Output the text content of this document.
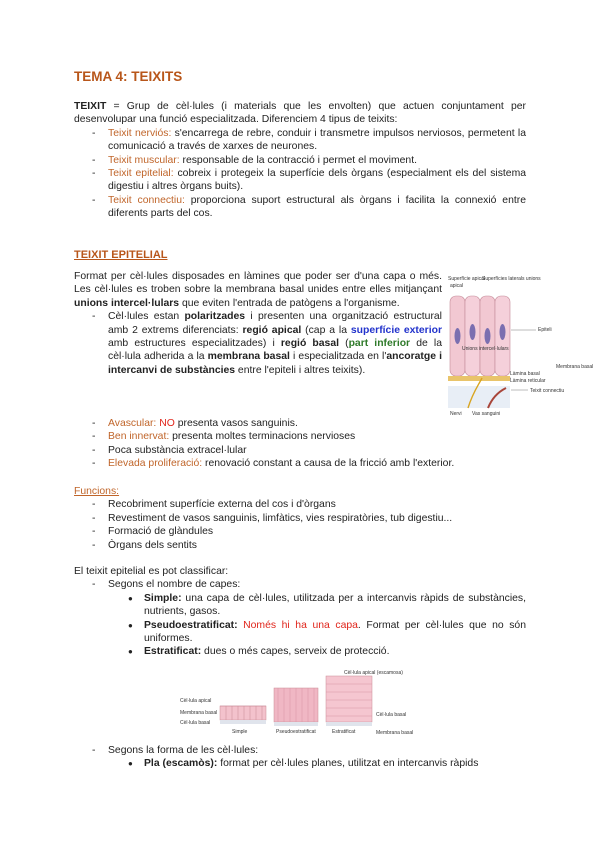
TEMA 4: TEIXITS

TEIXIT = Grup de cèl·lules (i materials que les envolten) que actuen conjuntament per desenvolupar una funció especialitzada. Diferenciem 4 tipus de teixits:

- Teixit nerviós: s'encarrega de rebre, conduir i transmetre impulsos nerviosos, permetent la comunicació a través de xarxes de neurones.
- Teixit muscular: responsable de la contracció i permet el moviment.
- Teixit epitelial: cobreix i protegeix la superfície dels òrgans (especialment els del sistema digestiu i altres òrgans buits).
- Teixit connectiu: proporciona suport estructural als òrgans i facilita la connexió entre diferents parts del cos.
TEIXIT EPITELIAL

Format per cèl·lules disposades en làmines que poder ser d'una capa o més. Les cèl·lules es troben sobre la membrana basal unides entre elles mitjançant unions intercel·lulars que eviten l'entrada de patògens a l'organisme.

- Cèl·lules estan polaritzades i presenten una organització estructural amb 2 extrems diferenciats: regió apical (cap a la superfície exterior amb estructures especialitzades) i regió basal (part inferior de la cèl·lula adherida a la membrana basal i especialitzada en l'ancoratge i intercanvi de substàncies entre l'epiteli i altres teixits).
- Avascular: NO presenta vasos sanguinis.
- Ben innervat: presenta moltes terminacions nervioses
- Poca substància extracel·lular
- Elevada proliferació: renovació constant a causa de la fricció amb l'exterior.

Funcions:

- Recobriment superfície externa del cos i d'òrgans
- Revestiment de vasos sanguinis, limfàtics, vies respiratòries, tub digestiu...
- Formació de glàndules
- Òrgans dels sentits

El teixit epitelial es pot classificar:

- Segons el nombre de capes:
● Simple: una capa de cèl·lules, utilitzada per a intercanvis ràpids de substàncies, nutrients, gasos.
● Pseudoestratificat: Només hi ha una capa. Format per cèl·lules que no són uniformes.
● Estratificat: dues o més capes, serveix de protecció.
- Segons la forma de les cèl·lules:
● Pla (escamòs): format per cèl·lules planes, utilitzat en intercanvis ràpids
Superfície apical
apical
Superfícies laterals unions
Epiteli
Làmina basal
Membrana basal
Làmina reticular
Teixit connectiu
Nervi Vas sanguini
Unions intercel·lulars
Cèl·lula apical
Membrana basal
Cèl·lula basal
Simple	Pseudoestratificat	Estratificat
Cèl·lula apical (escamosa)
Cèl·lula basal
Membrana basal
